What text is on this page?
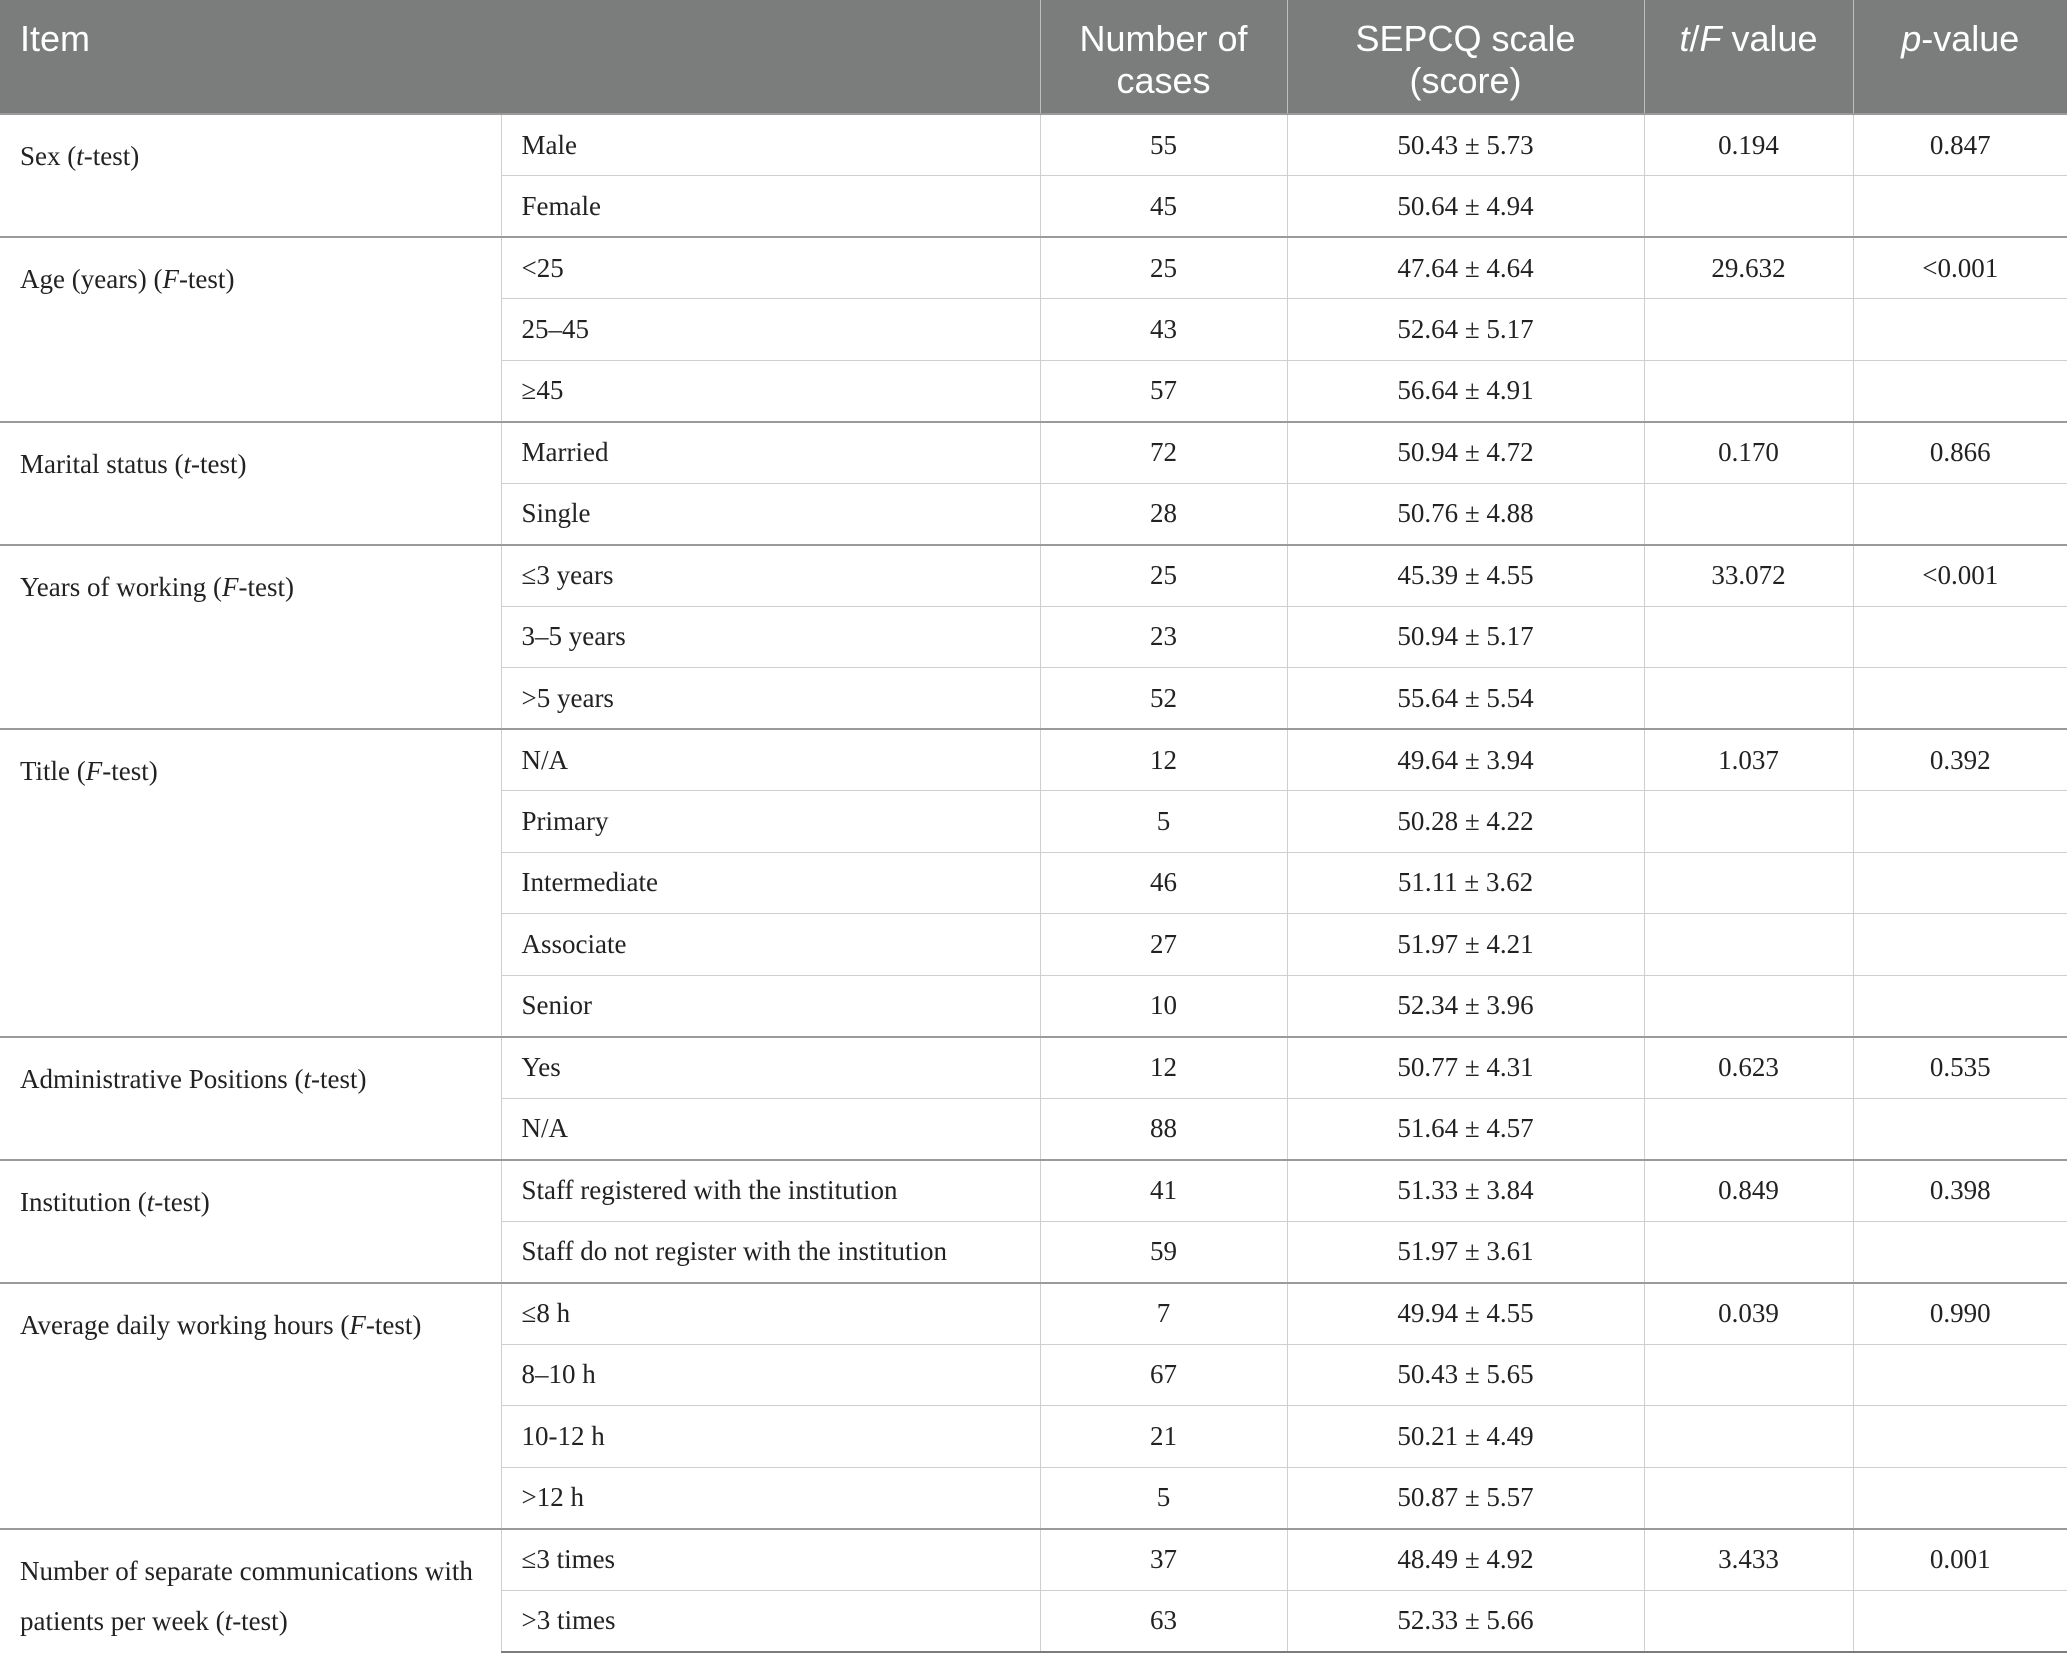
Item		Number of cases	SEPCQ scale (score)	t/F value	p-value
Sex (t-test)	Male	55	50.43 ± 5.73	0.194	0.847
	Female	45	50.64 ± 4.94		
Age (years) (F-test)	<25	25	47.64 ± 4.64	29.632	<0.001
	25–45	43	52.64 ± 5.17		
	≥45	57	56.64 ± 4.91		
Marital status (t-test)	Married	72	50.94 ± 4.72	0.170	0.866
	Single	28	50.76 ± 4.88		
Years of working (F-test)	≤3 years	25	45.39 ± 4.55	33.072	<0.001
	3–5 years	23	50.94 ± 5.17		
	>5 years	52	55.64 ± 5.54		
Title (F-test)	N/A	12	49.64 ± 3.94	1.037	0.392
	Primary	5	50.28 ± 4.22		
	Intermediate	46	51.11 ± 3.62		
	Associate	27	51.97 ± 4.21		
	Senior	10	52.34 ± 3.96		
Administrative Positions (t-test)	Yes	12	50.77 ± 4.31	0.623	0.535
	N/A	88	51.64 ± 4.57		
Institution (t-test)	Staff registered with the institution	41	51.33 ± 3.84	0.849	0.398
	Staff do not register with the institution	59	51.97 ± 3.61		
Average daily working hours (F-test)	≤8 h	7	49.94 ± 4.55	0.039	0.990
	8–10 h	67	50.43 ± 5.65		
	10-12 h	21	50.21 ± 4.49		
	>12 h	5	50.87 ± 5.57		
Number of separate communications with patients per week (t-test)	≤3 times	37	48.49 ± 4.92	3.433	0.001
	>3 times	63	52.33 ± 5.66		
